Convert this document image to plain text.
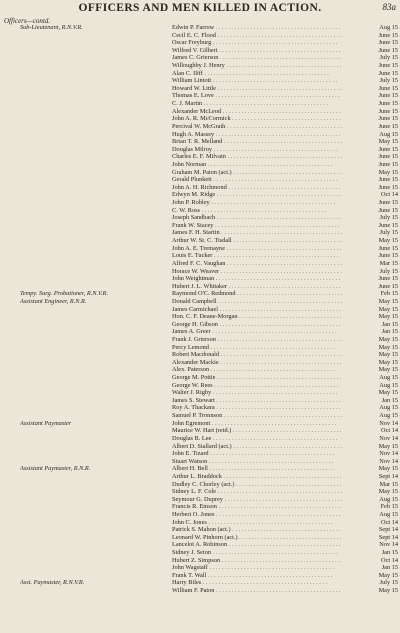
OFFICERS AND MEN KILLED IN ACTION.	83a
Officers—contd.
Sub-Lieutenant, R.N.V.R.	Edwin P. Farrow . . .	Aug 15
Cecil E. C. Flood . . .	June 15
Oscar Freyburg . . .	June 15
Wilfred V. Gilbert . . .	June 15
James C. Grierson . . .	July 15
Willoughby J. Henry . . .	June 15
Alan C. Iliff . . .	June 15
William Lintott . . .	July 15
Howard W. Little . . .	June 15
Thomas E. Love . . .	June 15
C. J. Martin . . .	June 15
Alexander McLeod . . .	June 15
John A. R. McCormick . . .	June 15
Percival W. McGrath . . .	June 15
Hugh A. Massey . . .	Aug 15
Brian T. R. Melland . . .	May 15
Douglas Milroy . . .	June 15
Charles E. F. Milvain . . .	June 15
John Norman . . .	June 15
Graham M. Paton (act.) . . .	May 15
Gerald Plunkett . . .	June 15
John A. H. Richmond . . .	June 15
Edwyn M. Ridge . . .	Oct 14
John P. Robley . . .	June 15
C. W. Ross . . .	June 15
Joseph Sandbach . . .	July 15
Frank W. Stacey . . .	June 15
James F. H. Startin . . .	July 15
Arthur W. St. C. Tisdall . . .	May 15
John A. E. Tremayne . . .	June 15
Louis E. Tucker . . .	June 15
Alfred F. C. Vaughan . . .	Mar 15
Horace W. Weaver . . .	July 15
John Weightman . . .	June 15
Hubert J. L. Whitaker . . .	June 15
Tempy. Surg. Probationer, R.N.V.R.	Raymond O'C. Redmond . . .	Feb 15
Assistant Engineer, R.N.R.	Donald Campbell . . .	May 15
James Carmichael . . .	May 15
Hon. C. F. Deane-Morgan . . .	May 15
George H. Gibson . . .	Jan 15
James A. Greer . . .	Jan 15
Frank J. Grierson . . .	May 15
Percy Lemond . . .	May 15
Robert Macdonald . . .	May 15
Alexander Mackie . . .	May 15
Alex. Paterson . . .	May 15
George M. Pottie . . .	Aug 15
George W. Rees . . .	Aug 15
Walter J. Rigby . . .	May 15
James S. Stewart . . .	Jan 15
Roy A. Thackara . . .	Aug 15
Samuel P. Tronnson . . .	Aug 15
Assistant Paymaster	John Egremont . . .	Nov 14
Maurice W. Hart (retd.) . . .	Oct 14
Douglas B. Lee . . .	Nov 14
Albert D. Stallard (act.) . . .	May 15
John E. Tizard . . .	Nov 14
Stuart Watson . . .	Nov 14
Assistant Paymaster, R.N.R.	Albert H. Bell . . .	May 15
Arthur L. Braddock . . .	Sept 14
Dudley C. Chorley (act.) . . .	Mar 15
Sidney L. F. Cole . . .	May 15
Seymour G. Duprey . . .	Aug 15
Francis R. Emson . . .	Feb 15
Herbert O. Jones . . .	Aug 15
John C. Jones . . .	Oct 14
Patrick S. Mahon (act.) . . .	Sept 14
Leonard W. Pinhorn (act.) . . .	Sept 14
Lancelot A. Robinson . . .	Nov 14
Sidney J. Seton . . .	Jan 15
Hubert Z. Simpson . . .	Oct 14
John Wagstaff . . .	Jan 15
Frank T. Wall . . .	May 15
Asst. Paymaster, R.N.V.R.	Harry Biles . . .	July 15
William F. Paton . . .	May 15
